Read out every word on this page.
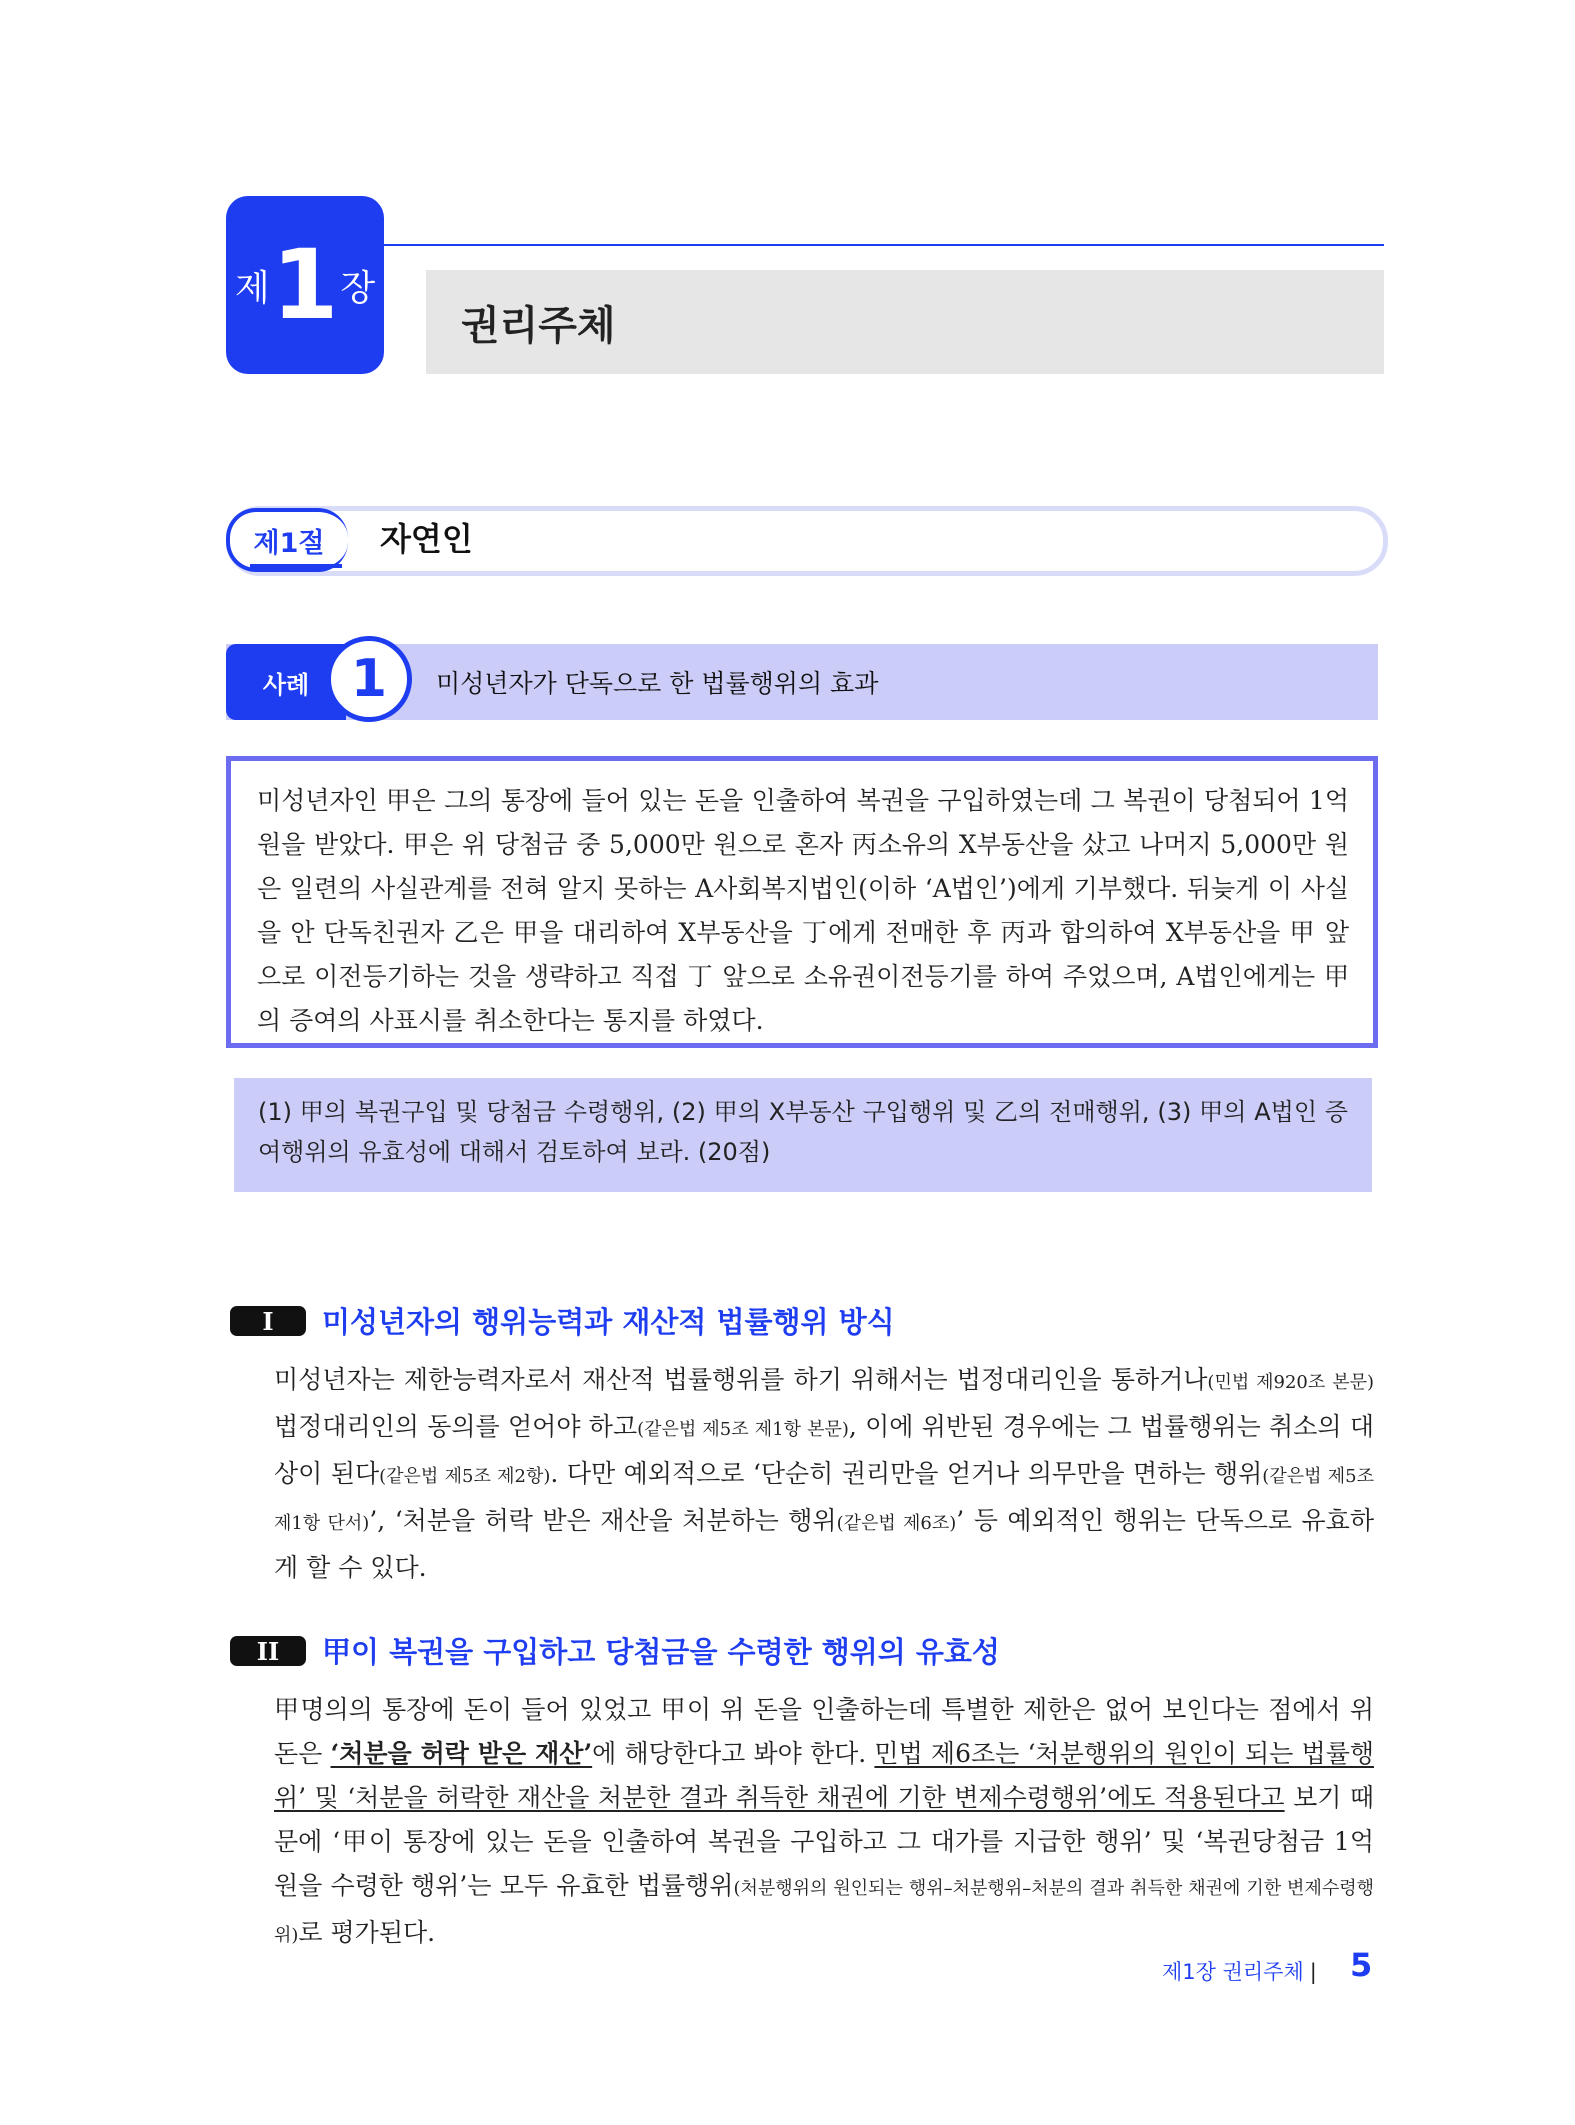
제 1 장
권리주체
제1절	자연인
사례 1	미성년자가 단독으로 한 법률행위의 효과

미성년자인 甲은 그의 통장에 들어 있는 돈을 인출하여 복권을 구입하였는데 그 복권이 당첨되어 1억 원을 받았다. 甲은 위 당첨금 중 5,000만 원으로 혼자 丙소유의 X부동산을 샀고 나머지 5,000만 원은 일련의 사실관계를 전혀 알지 못하는 A사회복지법인(이하 ‘A법인’)에게 기부했다. 뒤늦게 이 사실을 안 단독친권자 乙은 甲을 대리하여 X부동산을 丁에게 전매한 후 丙과 합의하여 X부동산을 甲 앞으로 이전등기하는 것을 생략하고 직접 丁 앞으로 소유권이전등기를 하여 주었으며, A법인에게는 甲의 증여의 사표시를 취소한다는 통지를 하였다.

(1) 甲의 복권구입 및 당첨금 수령행위, (2) 甲의 X부동산 구입행위 및 乙의 전매행위, (3) 甲의 A법인 증여행위의 유효성에 대해서 검토하여 보라. (20점)

I	미성년자의 행위능력과 재산적 법률행위 방식

미성년자는 제한능력자로서 재산적 법률행위를 하기 위해서는 법정대리인을 통하거나(민법 제920조 본문) 법정대리인의 동의를 얻어야 하고(같은법 제5조 제1항 본문), 이에 위반된 경우에는 그 법률행위는 취소의 대상이 된다(같은법 제5조 제2항). 다만 예외적으로 ‘단순히 권리만을 얻거나 의무만을 면하는 행위(같은법 제5조 제1항 단서)’, ‘처분을 허락 받은 재산을 처분하는 행위(같은법 제6조)’ 등 예외적인 행위는 단독으로 유효하게 할 수 있다.

II	甲이 복권을 구입하고 당첨금을 수령한 행위의 유효성

甲명의의 통장에 돈이 들어 있었고 甲이 위 돈을 인출하는데 특별한 제한은 없어 보인다는 점에서 위 돈은 ‘처분을 허락 받은 재산’에 해당한다고 봐야 한다. 민법 제6조는 ‘처분행위의 원인이 되는 법률행위’ 및 ‘처분을 허락한 재산을 처분한 결과 취득한 채권에 기한 변제수령행위’에도 적용된다고 보기 때문에 ‘甲이 통장에 있는 돈을 인출하여 복권을 구입하고 그 대가를 지급한 행위’ 및 ‘복권당첨금 1억 원을 수령한 행위’는 모두 유효한 법률행위(처분행위의 원인되는 행위–처분행위–처분의 결과 취득한 채권에 기한 변제수령행위)로 평가된다.

제1장 권리주체 | 5
